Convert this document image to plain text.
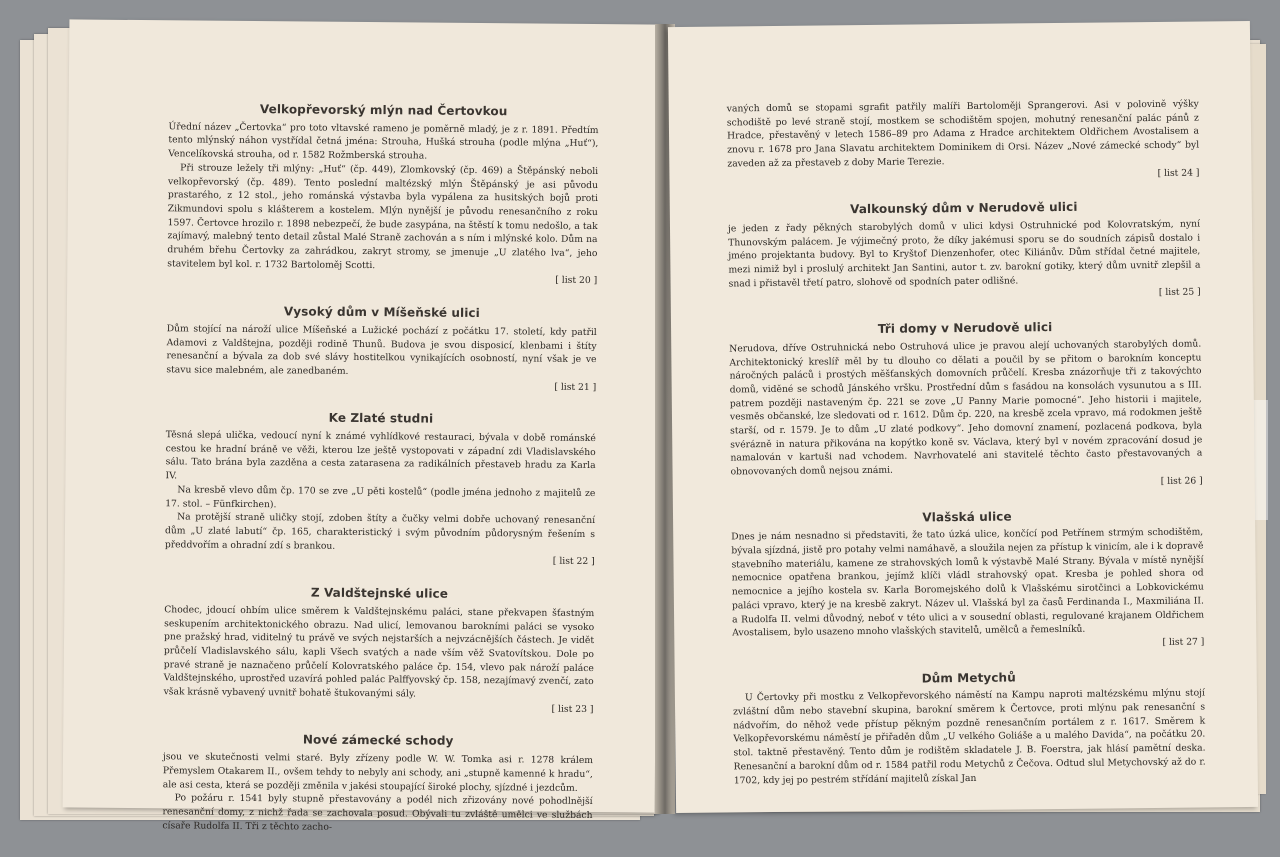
Velkopřevorský mlýn nad Čertovkou

Úřední název „Čertovka“ pro toto vltavské rameno je poměrně mladý, je z r. 1891. Předtím tento mlýnský náhon vystřídal četná jména: Strouha, Hušká strouha (podle mlýna „Huť“), Vencelíkovská strouha, od r. 1582 Rožmberská strouha.

Při strouze ležely tři mlýny: „Huť“ (čp. 449), Zlomkovský (čp. 469) a Štěpánský neboli velkopřevorský (čp. 489). Tento poslední maltézský mlýn Štěpánský je asi původu prastarého, z 12 stol., jeho románská výstavba byla vypálena za husitských bojů proti Zikmundovi spolu s klášterem a kostelem. Mlýn nynější je původu renesančního z roku 1597. Čertovce hrozilo r. 1898 nebezpečí, že bude zasypána, na štěstí k tomu nedošlo, a tak zajímavý, malebný tento detail zůstal Malé Straně zachován a s ním i mlýnské kolo. Dům na druhém břehu Čertovky za zahrádkou, zakryt stromy, se jmenuje „U zlatého lva“, jeho stavitelem byl kol. r. 1732 Bartoloměj Scotti.

[ list 20 ]

Vysoký dům v Míšeňské ulici

Dům stojící na nároží ulice Míšeňské a Lužické pochází z počátku 17. století, kdy patřil Adamovi z Valdštejna, později rodině Thunů. Budova je svou disposicí, klenbami i štíty renesanční a bývala za dob své slávy hostitelkou vynikajících osobností, nyní však je ve stavu sice malebném, ale zanedbaném.

[ list 21 ]

Ke Zlaté studni

Těsná slepá ulička, vedoucí nyní k známé vyhlídkové restauraci, bývala v době románské cestou ke hradní bráně ve věži, kterou lze ještě vystopovati v západní zdi Vladislavského sálu. Tato brána byla zazděna a cesta zatarasena za radikálních přestaveb hradu za Karla IV.

Na kresbě vlevo dům čp. 170 se zve „U pěti kostelů“ (podle jména jednoho z majitelů ze 17. stol. – Fünfkirchen).

Na protější straně uličky stojí, zdoben štíty a čučky velmi dobře uchovaný renesanční dům „U zlaté labutí“ čp. 165, charakteristický i svým původním půdorysným řešením s předdvořím a ohradní zdí s brankou.

[ list 22 ]

Z Valdštejnské ulice

Chodec, jdoucí ohbím ulice směrem k Valdštejnskému paláci, stane překvapen šťastným seskupením architektonického obrazu. Nad ulicí, lemovanou barokními paláci se vysoko pne pražský hrad, viditelný tu právě ve svých nejstarších a nejvzácnějších částech. Je vidět průčelí Vladislavského sálu, kapli Všech svatých a nade vším věž Svatovítskou. Dole po pravé straně je naznačeno průčelí Kolovratského paláce čp. 154, vlevo pak nároží paláce Valdštejnského, uprostřed uzavírá pohled palác Palffyovský čp. 158, nezajímavý zvenčí, zato však krásně vybavený uvnitř bohatě štukovanými sály.

[ list 23 ]

Nové zámecké schody

jsou ve skutečnosti velmi staré. Byly zřízeny podle W. W. Tomka asi r. 1278 králem Přemyslem Otakarem II., ovšem tehdy to nebyly ani schody, ani „stupně kamenné k hradu“, ale asi cesta, která se později změnila v jakési stoupající široké plochy, sjízdné i jezdcům.

Po požáru r. 1541 byly stupně přestavovány a podél nich zřizovány nové pohodlnější renesanční domy, z nichž řada se zachovala posud. Obývali tu zvláště umělci ve službách císaře Rudolfa II. Tři z těchto zacho-

vaných domů se stopami sgrafit patřily malíři Bartoloměji Sprangerovi. Asi v polovině výšky schodiště po levé straně stojí, mostkem se schodištěm spojen, mohutný renesanční palác pánů z Hradce, přestavěný v letech 1586–89 pro Adama z Hradce architektem Oldřichem Avostalisem a znovu r. 1678 pro Jana Slavatu architektem Dominikem di Orsi. Název „Nové zámecké schody“ byl zaveden až za přestaveb z doby Marie Terezie.

[ list 24 ]

Valkounský dům v Nerudově ulici

je jeden z řady pěkných starobylých domů v ulici kdysi Ostruhnické pod Kolovratským, nyní Thunovským palácem. Je výjimečný proto, že díky jakémusi sporu se do soudních zápisů dostalo i jméno projektanta budovy. Byl to Kryštof Dienzenhofer, otec Kiliánův. Dům střídal četné majitele, mezi nimiž byl i proslulý architekt Jan Santini, autor t. zv. barokní gotiky, který dům uvnitř zlepšil a snad i přistavěl třetí patro, slohově od spodních pater odlišné.

[ list 25 ]

Tři domy v Nerudově ulici

Nerudova, dříve Ostruhnická nebo Ostruhová ulice je pravou alejí uchovaných starobylých domů. Architektonický kreslíř měl by tu dlouho co dělati a poučil by se přitom o barokním konceptu náročných paláců i prostých měšťanských domovních průčelí. Kresba znázorňuje tři z takovýchto domů, viděné se schodů Jánského vršku. Prostřední dům s fasádou na konsolách vysunutou a s III. patrem později nastaveným čp. 221 se zove „U Panny Marie pomocné“. Jeho historii i majitele, vesměs občanské, lze sledovati od r. 1612. Dům čp. 220, na kresbě zcela vpravo, má rodokmen ještě starší, od r. 1579. Je to dům „U zlaté podkovy“. Jeho domovní znamení, pozlacená podkova, byla svérázně in natura přikována na kopýtko koně sv. Václava, který byl v novém zpracování dosud je namalován v kartuši nad vchodem. Navrhovatelé ani stavitelé těchto často přestavovaných a obnovovaných domů nejsou známi.

[ list 26 ]

Vlašská ulice

Dnes je nám nesnadno si představiti, že tato úzká ulice, končící pod Petřínem strmým schodištěm, bývala sjízdná, jistě pro potahy velmi namáhavě, a sloužila nejen za přístup k vinicím, ale i k dopravě stavebního materiálu, kamene ze strahovských lomů k výstavbě Malé Strany. Bývala v místě nynější nemocnice opatřena brankou, jejímž klíči vládl strahovský opat. Kresba je pohled shora od nemocnice a jejího kostela sv. Karla Boromejského dolů k Vlašskému sirotčinci a Lobkovickému paláci vpravo, který je na kresbě zakryt. Název ul. Vlašská byl za časů Ferdinanda I., Maxmiliána II. a Rudolfa II. velmi důvodný, neboť v této ulici a v sousední oblasti, regulované krajanem Oldřichem Avostalisem, bylo usazeno mnoho vlašských stavitelů, umělců a řemeslníků.

[ list 27 ]

Dům Metychů

U Čertovky při mostku z Velkopřevorského náměstí na Kampu naproti maltézskému mlýnu stojí zvláštní dům nebo stavební skupina, barokní směrem k Čertovce, proti mlýnu pak renesanční s nádvořím, do něhož vede přístup pěkným pozdně renesančním portálem z r. 1617. Směrem k Velkopřevorskému náměstí je přiřaděn dům „U velkého Goliáše a u malého Davida“, na počátku 20. stol. taktně přestavěný. Tento dům je rodištěm skladatele J. B. Foerstra, jak hlásí pamětní deska. Renesanční a barokní dům od r. 1584 patřil rodu Metychů z Čečova. Odtud slul Metychovský až do r. 1702, kdy jej po pestrém střídání majitelů získal Jan
